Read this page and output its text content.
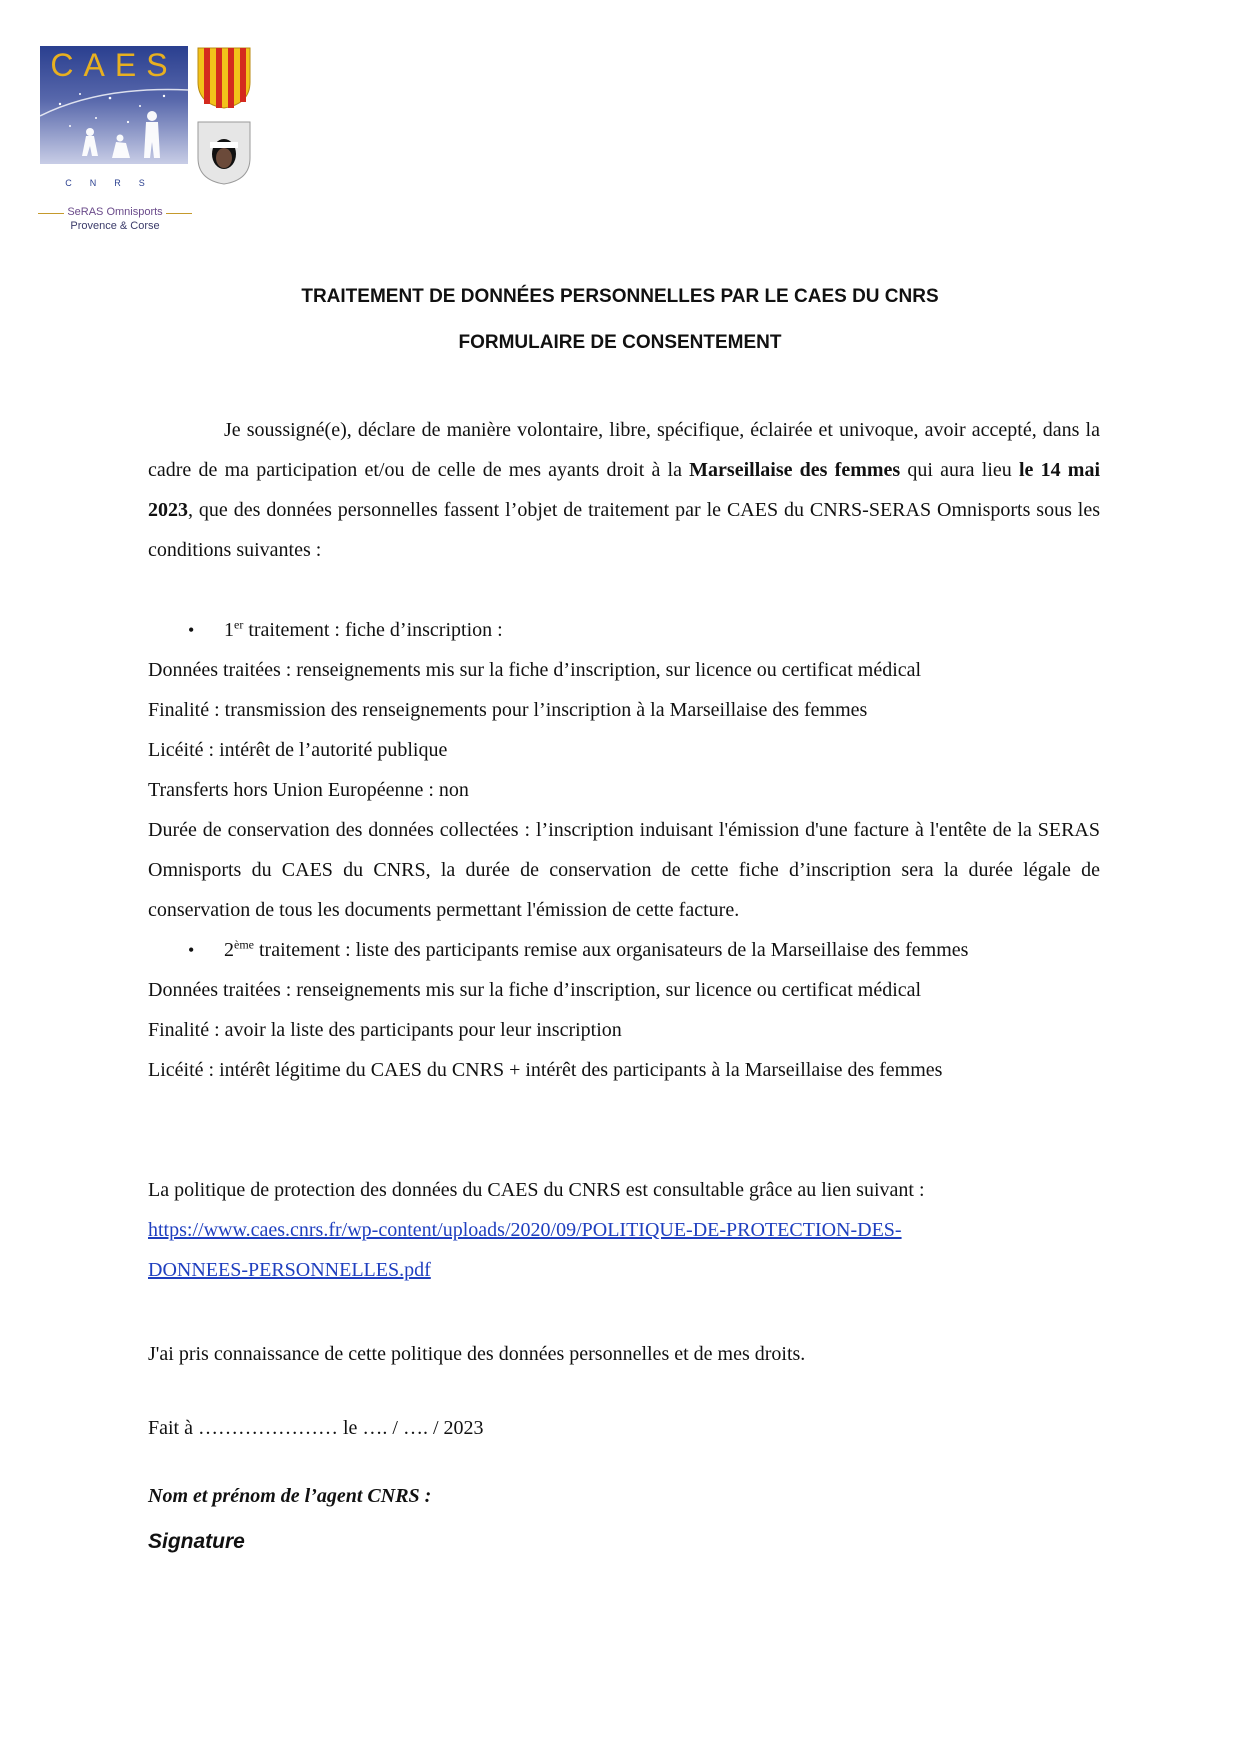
CAES
CNRS
SeRAS Omnisports
Provence & Corse
TRAITEMENT DE DONNÉES PERSONNELLES PAR LE CAES DU CNRS
FORMULAIRE DE CONSENTEMENT

Je soussigné(e), déclare de manière volontaire, libre, spécifique, éclairée et univoque, avoir accepté, dans la cadre de ma participation et/ou de celle de mes ayants droit à la Marseillaise des femmes qui aura lieu le 14 mai 2023, que des données personnelles fassent l’objet de traitement par le CAES du CNRS-SERAS Omnisports sous les conditions suivantes :

• 1er traitement : fiche d’inscription :
Données traitées : renseignements mis sur la fiche d’inscription, sur licence ou certificat médical
Finalité : transmission des renseignements pour l’inscription à la Marseillaise des femmes
Licéité : intérêt de l’autorité publique
Transferts hors Union Européenne : non
Durée de conservation des données collectées : l’inscription induisant l'émission d'une facture à l'entête de la SERAS Omnisports du CAES du CNRS, la durée de conservation de cette fiche d’inscription sera la durée légale de conservation de tous les documents permettant l'émission de cette facture.
• 2ème traitement : liste des participants remise aux organisateurs de la Marseillaise des femmes
Données traitées : renseignements mis sur la fiche d’inscription, sur licence ou certificat médical
Finalité : avoir la liste des participants pour leur inscription
Licéité : intérêt légitime du CAES du CNRS + intérêt des participants à la Marseillaise des femmes
La politique de protection des données du CAES du CNRS est consultable grâce au lien suivant :
https://www.caes.cnrs.fr/wp-content/uploads/2020/09/POLITIQUE-DE-PROTECTION-DES-
DONNEES-PERSONNELLES.pdf
J'ai pris connaissance de cette politique des données personnelles et de mes droits.
Fait à ………………… le …. / …. / 2023
Nom et prénom de l’agent CNRS :
Signature
